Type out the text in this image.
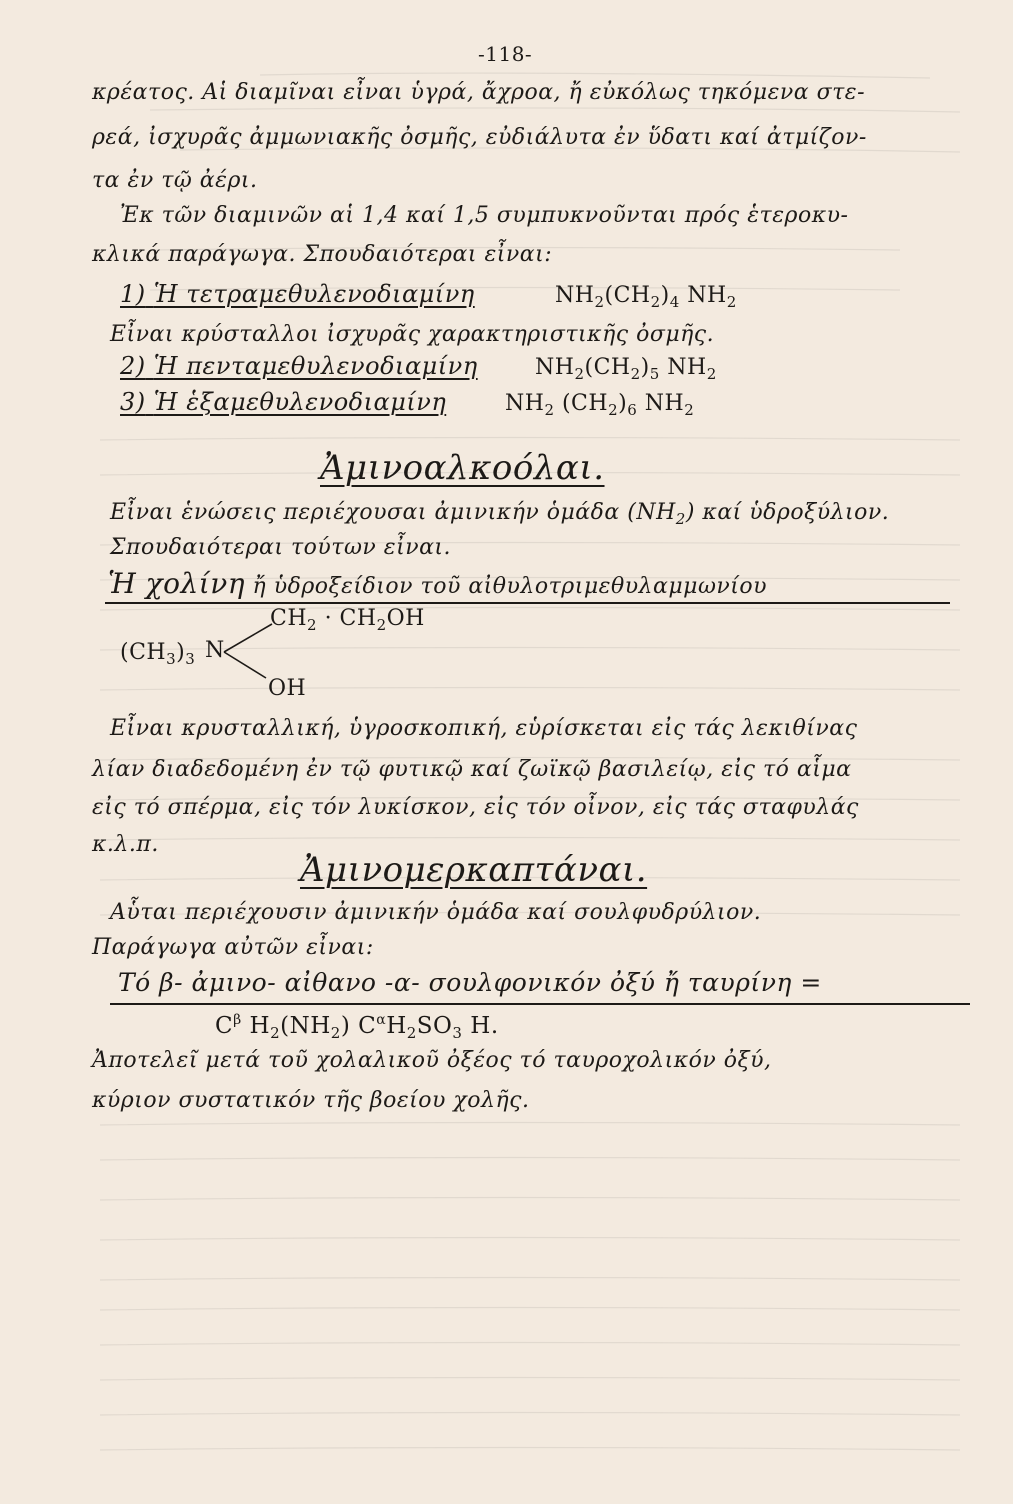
-118-
κρέατος. Αἱ διαμῖναι εἶναι ὑγρά, ἄχροα, ἤ εὐκόλως τηκόμενα στε-
ρεά, ἰσχυρᾶς ἀμμωνιακῆς ὀσμῆς, εὐδιάλυτα ἐν ὕδατι καί ἀτμίζον-
τα ἐν τῷ ἀέρι.
Ἐκ τῶν διαμινῶν αἱ 1,4 καί 1,5 συμπυκνοῦνται πρός ἑτεροκυ-
κλικά παράγωγα. Σπουδαιότεραι εἶναι:
1) Ἡ τετραμεθυλενοδιαμίνη	$NH_2(CH_2)_4$ $NH_2$
Εἶναι κρύσταλλοι ἰσχυρᾶς χαρακτηριστικῆς ὀσμῆς.
2) Ἡ πενταμεθυλενοδιαμίνη	$NH_2(CH_2)_5$ $NH_2$
3) Ἡ ἑξαμεθυλενοδιαμίνη	$NH_2$ $(CH_2)_6$ $NH_2$
Ἀμινοαλκοόλαι.
Εἶναι ἑνώσεις περιέχουσαι ἀμινικήν ὁμάδα $(NH_2)$ καί ὑδροξύλιον.
Σπουδαιότεραι τούτων εἶναι.
Ἡ χολίνη ἤ ὑδροξείδιον τοῦ αἰθυλοτριμεθυλαμμωνίου
$(CH_3)_3$ N
$CH_2 \cdot CH_2OH$
OH
Εἶναι κρυσταλλική, ὑγροσκοπική, εὑρίσκεται εἰς τάς λεκιθίνας
λίαν διαδεδομένη ἐν τῷ φυτικῷ καί ζωϊκῷ βασιλείῳ, εἰς τό αἷμα
εἰς τό σπέρμα, εἰς τόν λυκίσκον, εἰς τόν οἶνον, εἰς τάς σταφυλάς
κ.λ.π.
Ἀμινομερκαπτάναι.
Αὗται περιέχουσιν ἀμινικήν ὁμάδα καί σουλφυδρύλιον.
Παράγωγα αὐτῶν εἶναι:
Τό β- ἀμινο- αἰθανο -α- σουλφονικόν ὀξύ ἤ ταυρίνη =
$C^\beta$ $H_2(NH_2)$ $C^\alpha H_2SO_3$ H.
Ἀποτελεῖ μετά τοῦ χολαλικοῦ ὀξέος τό ταυροχολικόν ὀξύ,
κύριον συστατικόν τῆς βοείου χολῆς.
